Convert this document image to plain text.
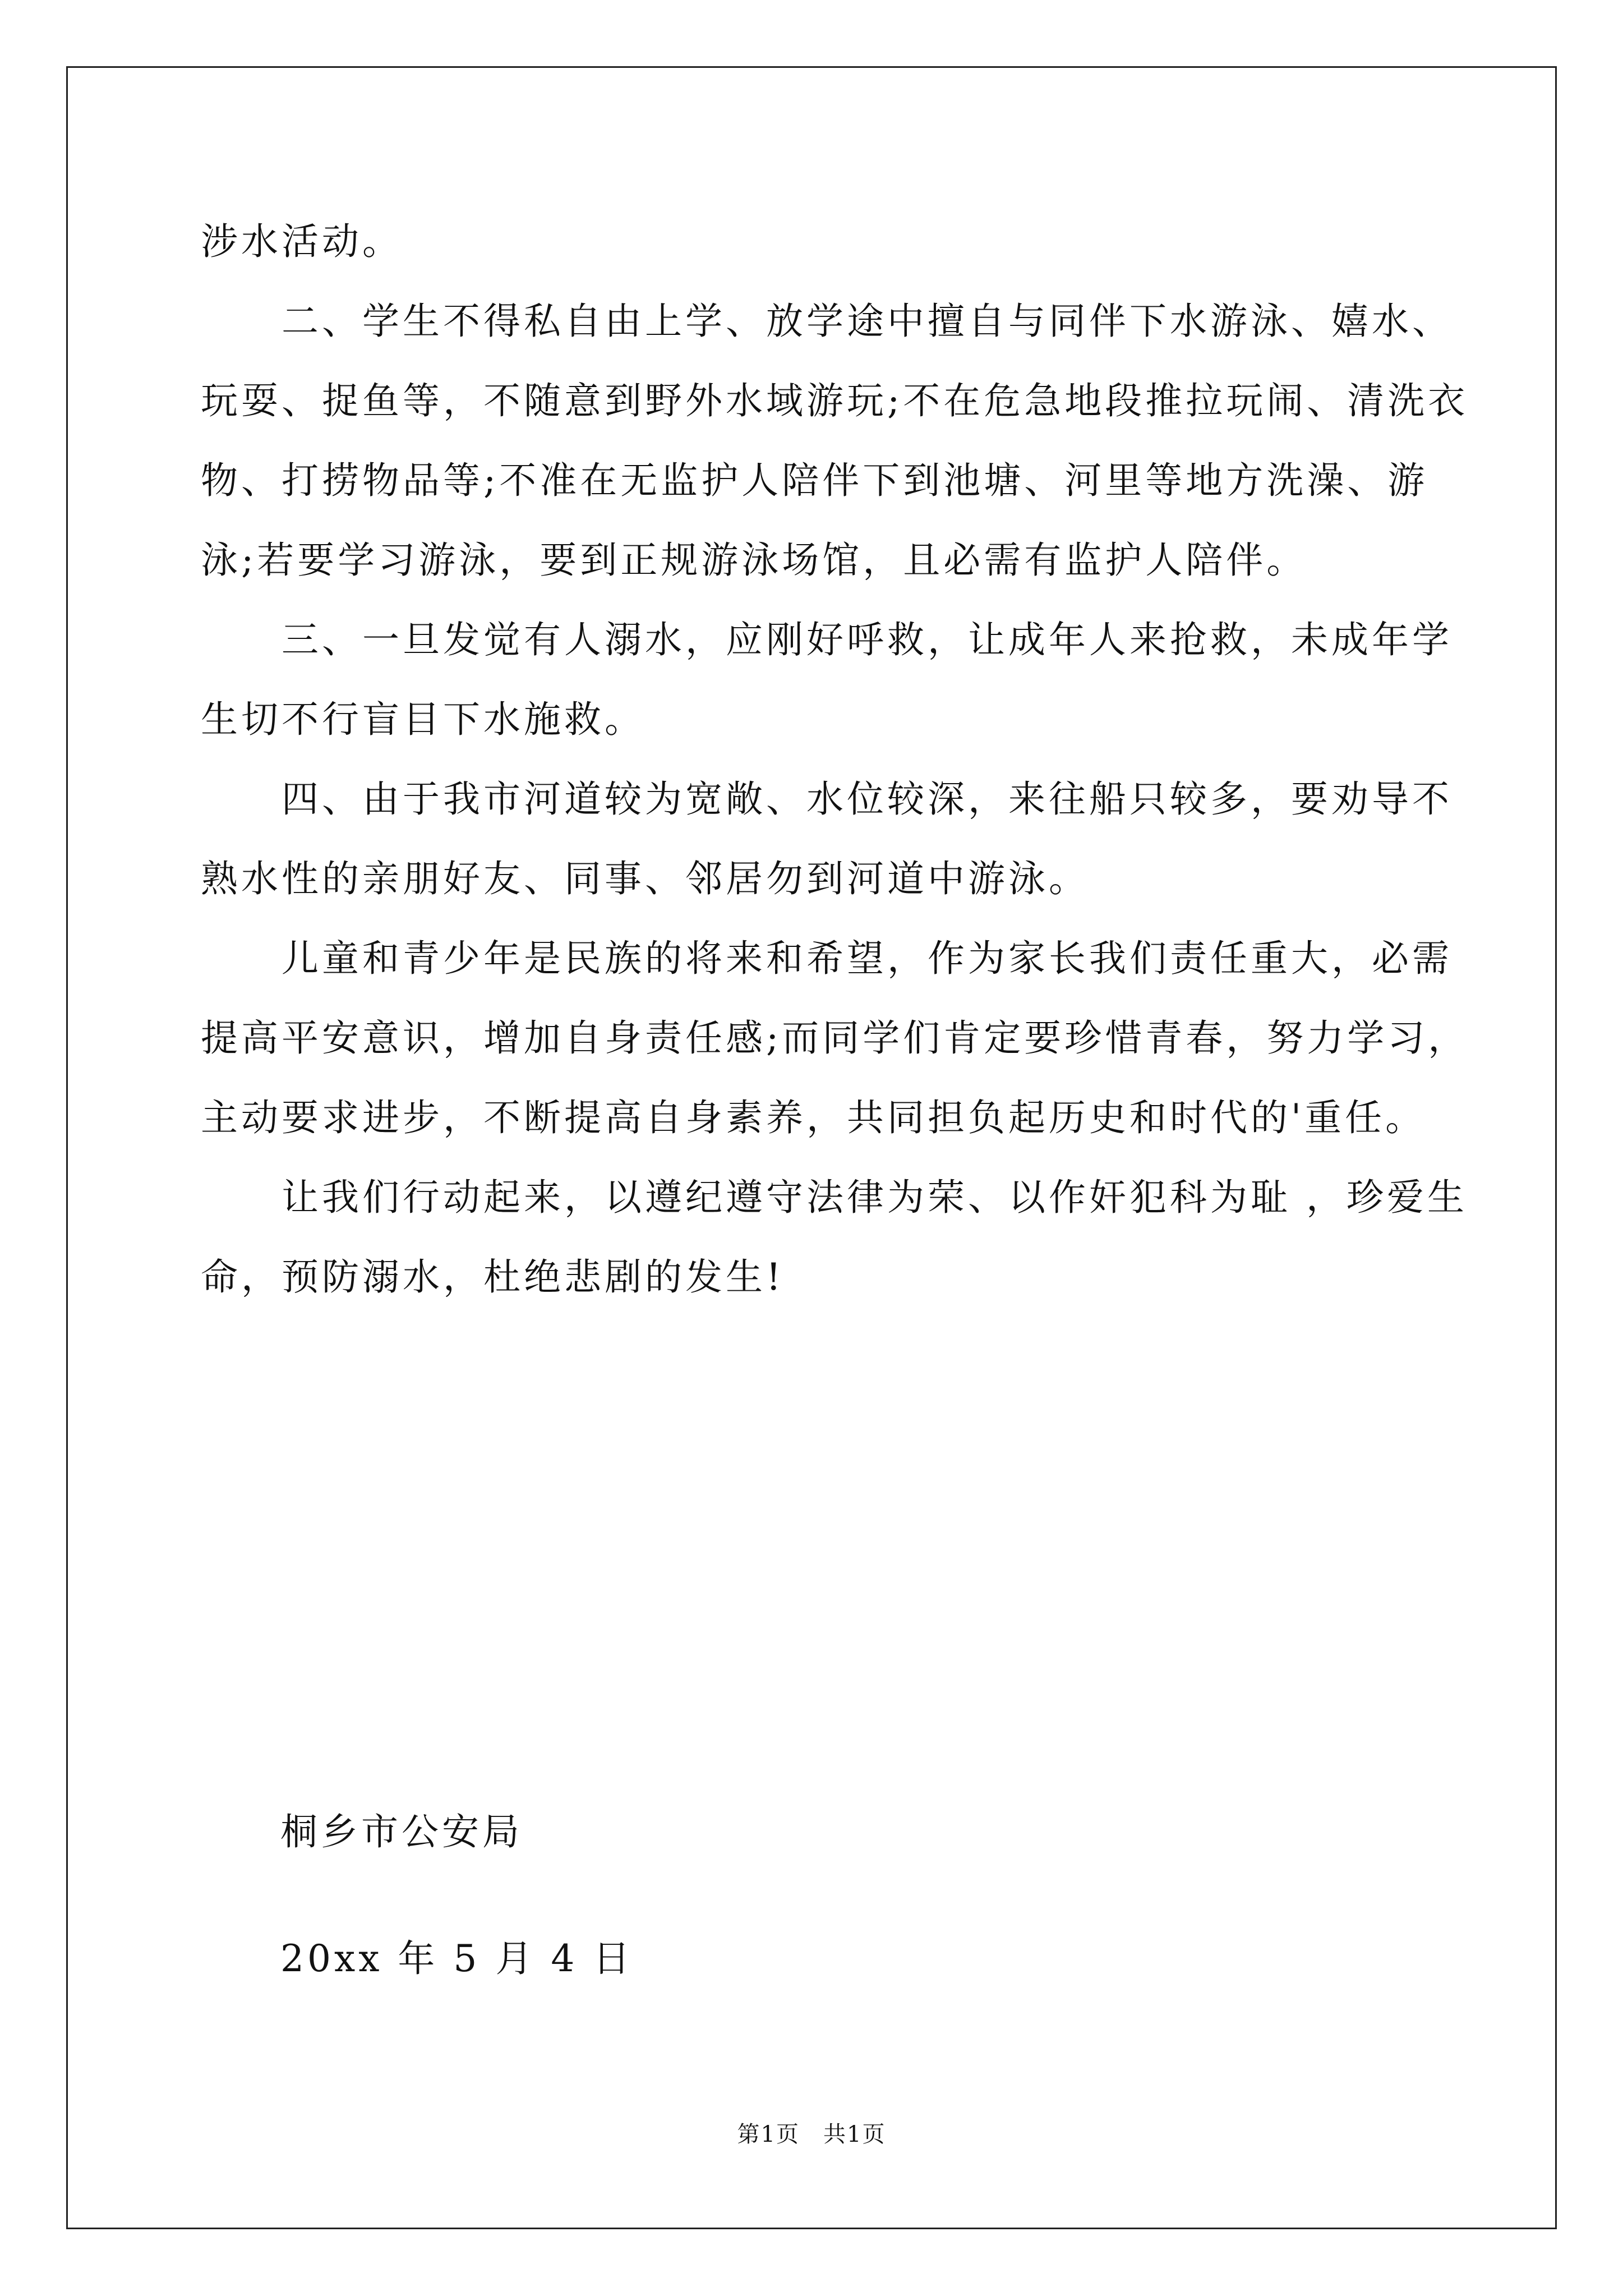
涉水活动。

二、学生不得私自由上学、放学途中擅自与同伴下水游泳、嬉水、玩耍、捉鱼等，不随意到野外水域游玩;不在危急地段推拉玩闹、清洗衣物、打捞物品等;不准在无监护人陪伴下到池塘、河里等地方洗澡、游泳;若要学习游泳，要到正规游泳场馆，且必需有监护人陪伴。

三、一旦发觉有人溺水，应刚好呼救，让成年人来抢救，未成年学生切不行盲目下水施救。

四、由于我市河道较为宽敞、水位较深，来往船只较多，要劝导不熟水性的亲朋好友、同事、邻居勿到河道中游泳。

儿童和青少年是民族的将来和希望，作为家长我们责任重大，必需提高平安意识，增加自身责任感;而同学们肯定要珍惜青春，努力学习，主动要求进步，不断提高自身素养，共同担负起历史和时代的'重任。

让我们行动起来，以遵纪遵守法律为荣、以作奸犯科为耻 ，珍爱生命，预防溺水，杜绝悲剧的发生!

桐乡市公安局
20xx 年 5 月 4 日
第1页　共1页
